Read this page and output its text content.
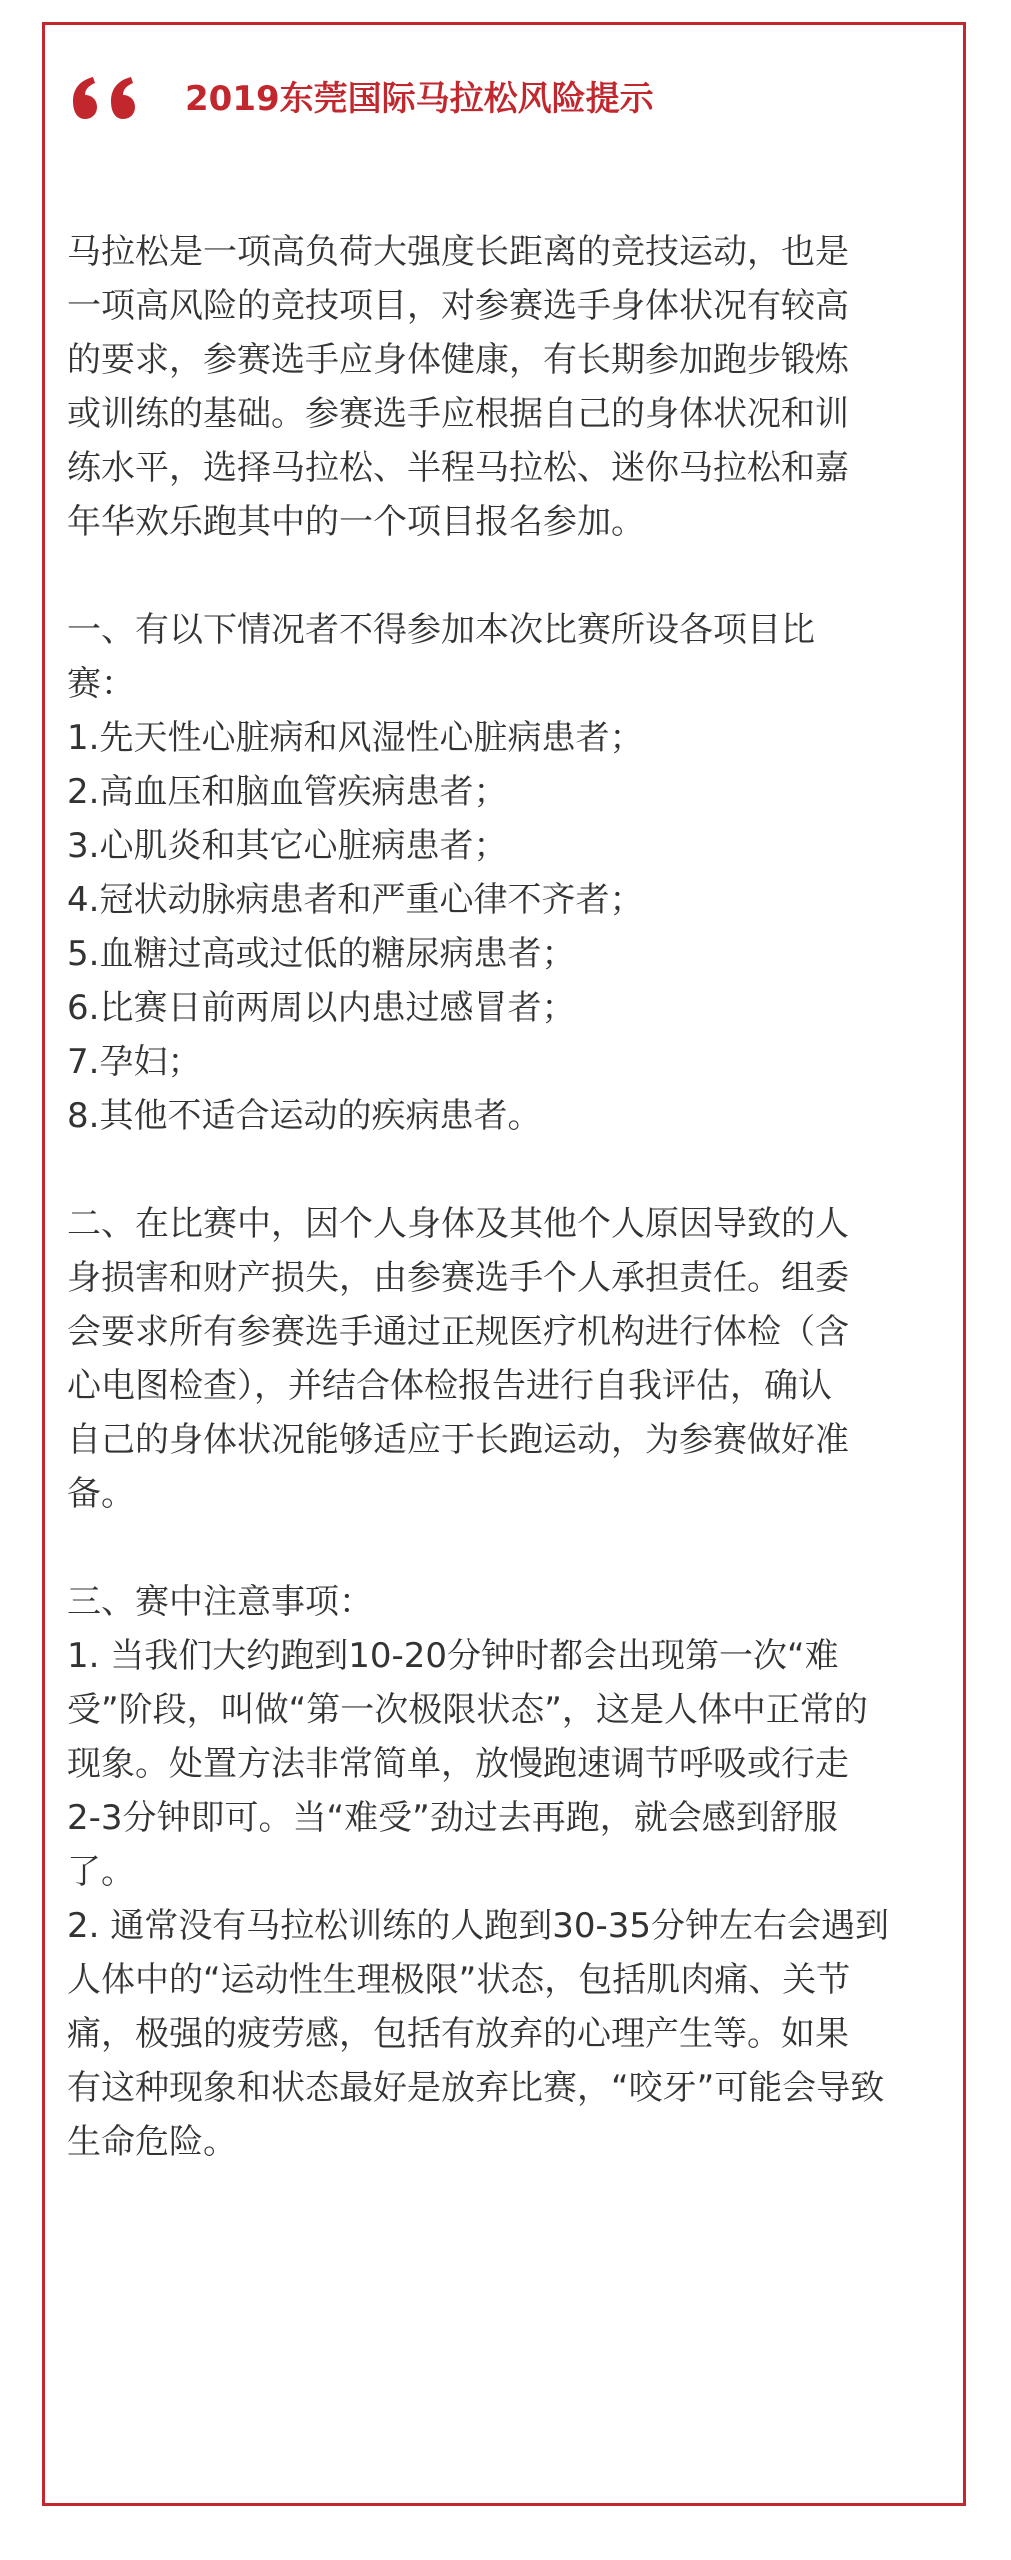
2019东莞国际马拉松风险提示

马拉松是一项高负荷大强度长距离的竞技运动，也是

一项高风险的竞技项目，对参赛选手身体状况有较高

的要求，参赛选手应身体健康，有长期参加跑步锻炼

或训练的基础。参赛选手应根据自己的身体状况和训

练水平，选择马拉松、半程马拉松、迷你马拉松和嘉

年华欢乐跑其中的一个项目报名参加。

一、有以下情况者不得参加本次比赛所设各项目比

赛：

1.先天性心脏病和风湿性心脏病患者；

2.高血压和脑血管疾病患者；

3.心肌炎和其它心脏病患者；

4.冠状动脉病患者和严重心律不齐者；

5.血糖过高或过低的糖尿病患者；

6.比赛日前两周以内患过感冒者；

7.孕妇；

8.其他不适合运动的疾病患者。

二、在比赛中，因个人身体及其他个人原因导致的人

身损害和财产损失，由参赛选手个人承担责任。组委

会要求所有参赛选手通过正规医疗机构进行体检（含

心电图检查），并结合体检报告进行自我评估，确认

自己的身体状况能够适应于长跑运动，为参赛做好准

备。

三、赛中注意事项：

1. 当我们大约跑到10-20分钟时都会出现第一次“难

受”阶段，叫做“第一次极限状态”，这是人体中正常的

现象。处置方法非常简单，放慢跑速调节呼吸或行走

2-3分钟即可。当“难受”劲过去再跑，就会感到舒服

了。

2. 通常没有马拉松训练的人跑到30-35分钟左右会遇到

人体中的“运动性生理极限”状态，包括肌肉痛、关节

痛，极强的疲劳感，包括有放弃的心理产生等。如果

有这种现象和状态最好是放弃比赛，“咬牙”可能会导致

生命危险。
